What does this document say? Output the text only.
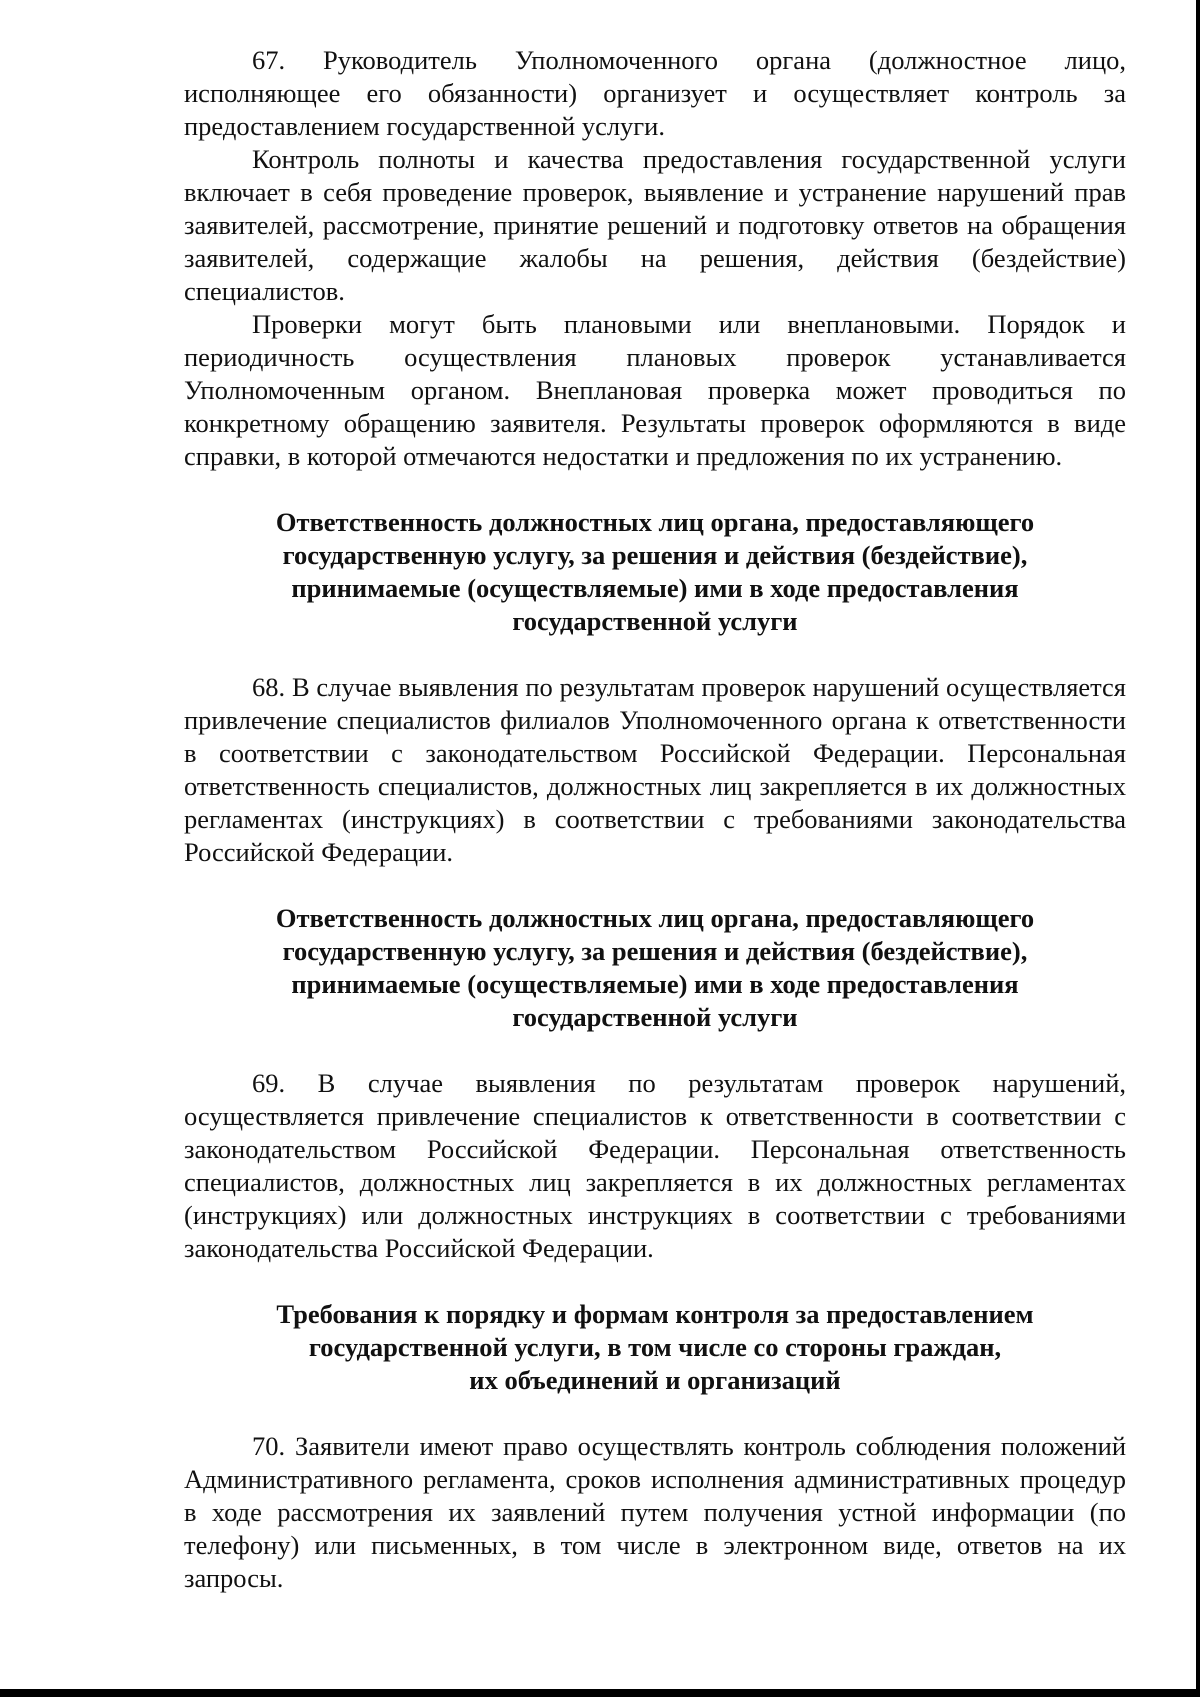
67. Руководитель Уполномоченного органа (должностное лицо, исполняющее его обязанности) организует и осуществляет контроль за предоставлением государственной услуги.

Контроль полноты и качества предоставления государственной услуги включает в себя проведение проверок, выявление и устранение нарушений прав заявителей, рассмотрение, принятие решений и подготовку ответов на обращения заявителей, содержащие жалобы на решения, действия (бездействие) специалистов.

Проверки могут быть плановыми или внеплановыми. Порядок и периодичность осуществления плановых проверок устанавливается Уполномоченным органом. Внеплановая проверка может проводиться по конкретному обращению заявителя. Результаты проверок оформляются в виде справки, в которой отмечаются недостатки и предложения по их устранению.

Ответственность должностных лиц органа, предоставляющего
государственную услугу, за решения и действия (бездействие),
принимаемые (осуществляемые) ими в ходе предоставления
государственной услуги

68. В случае выявления по результатам проверок нарушений осуществляется привлечение специалистов филиалов Уполномоченного органа к ответственности в соответствии с законодательством Российской Федерации. Персональная ответственность специалистов, должностных лиц закрепляется в их должностных регламентах (инструкциях) в соответствии с требованиями законодательства Российской Федерации.

Ответственность должностных лиц органа, предоставляющего
государственную услугу, за решения и действия (бездействие),
принимаемые (осуществляемые) ими в ходе предоставления
государственной услуги

69. В случае выявления по результатам проверок нарушений, осуществляется привлечение специалистов к ответственности в соответствии с законодательством Российской Федерации. Персональная ответственность специалистов, должностных лиц закрепляется в их должностных регламентах (инструкциях) или должностных инструкциях в соответствии с требованиями законодательства Российской Федерации.

Требования к порядку и формам контроля за предоставлением
государственной услуги, в том числе со стороны граждан,
их объединений и организаций

70. Заявители имеют право осуществлять контроль соблюдения положений Административного регламента, сроков исполнения административных процедур в ходе рассмотрения их заявлений путем получения устной информации (по телефону) или письменных, в том числе в электронном виде, ответов на их запросы.
